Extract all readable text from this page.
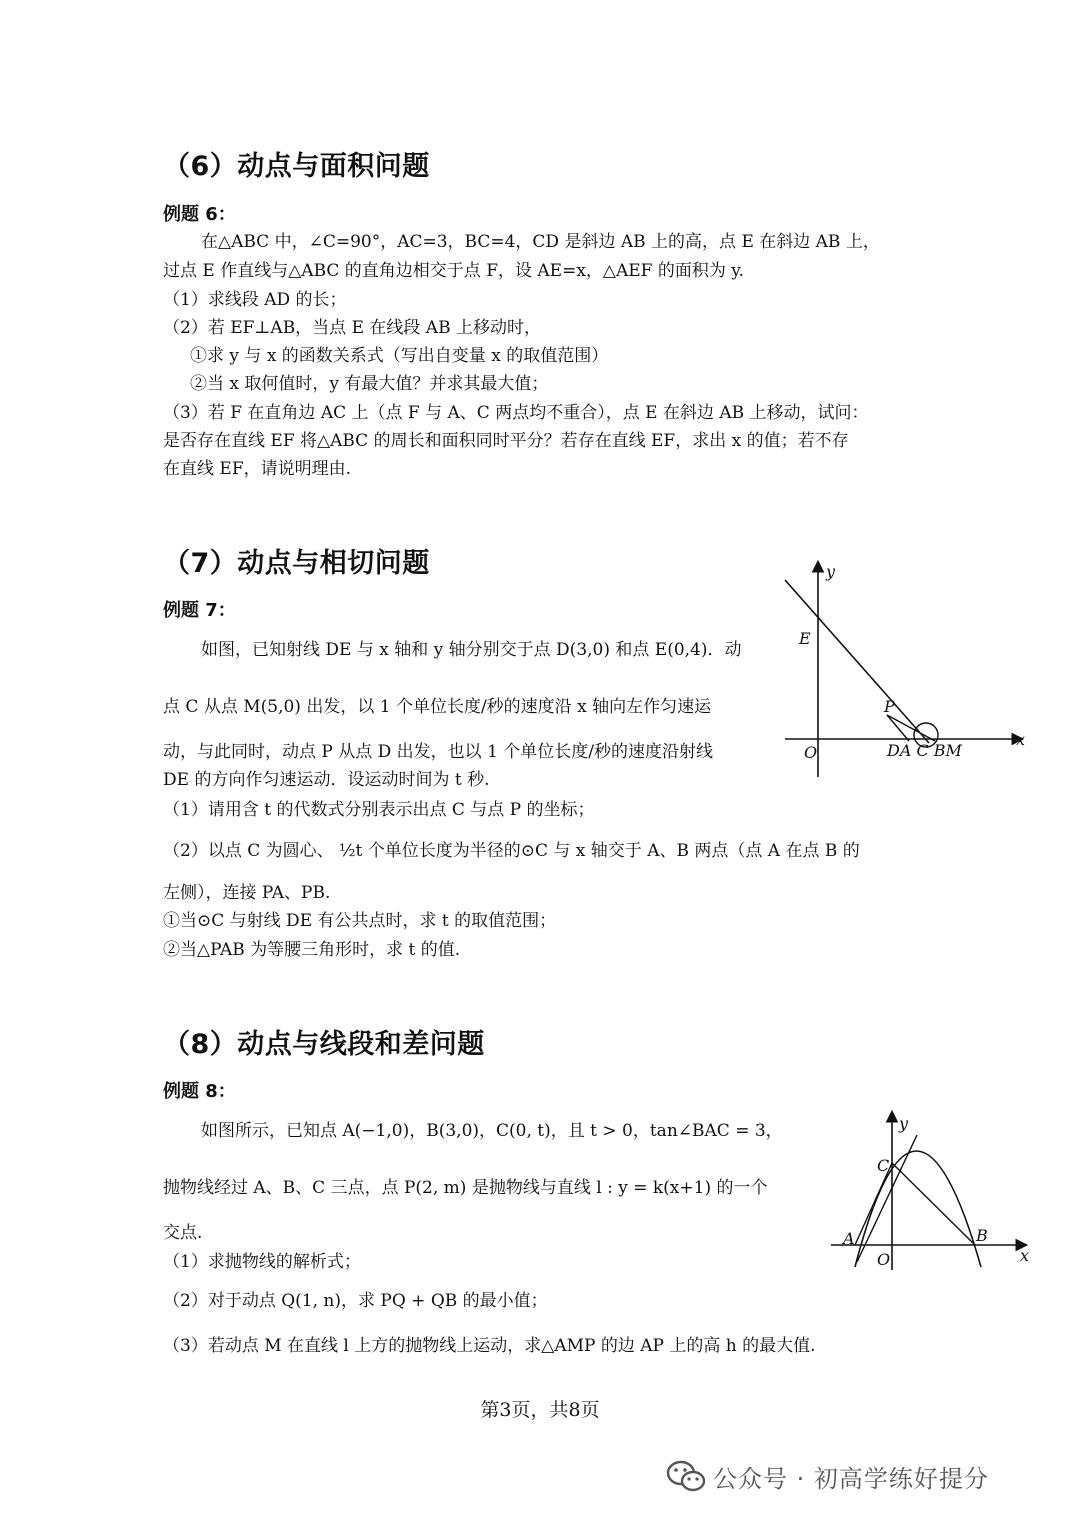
（6）动点与面积问题
例题 6：
在△ABC 中，∠C=90°，AC=3，BC=4，CD 是斜边 AB 上的高，点 E 在斜边 AB 上，
过点 E 作直线与△ABC 的直角边相交于点 F，设 AE=x，△AEF 的面积为 y.
（1）求线段 AD 的长；
（2）若 EF⊥AB，当点 E 在线段 AB 上移动时，
①求 y 与 x 的函数关系式（写出自变量 x 的取值范围）
②当 x 取何值时，y 有最大值？并求其最大值；
（3）若 F 在直角边 AC 上（点 F 与 A、C 两点均不重合），点 E 在斜边 AB 上移动，试问：
是否存在直线 EF 将△ABC 的周长和面积同时平分？若存在直线 EF，求出 x 的值；若不存
在直线 EF，请说明理由.
（7）动点与相切问题
例题 7：
如图，已知射线 DE 与 x 轴和 y 轴分别交于点 D(3,0) 和点 E(0,4)．动
点 C 从点 M(5,0) 出发，以 1 个单位长度/秒的速度沿 x 轴向左作匀速运
动，与此同时，动点 P 从点 D 出发，也以 1 个单位长度/秒的速度沿射线
DE 的方向作匀速运动．设运动时间为 t 秒.
（1）请用含 t 的代数式分别表示出点 C 与点 P 的坐标；
（2）以点 C 为圆心、 ½t 个单位长度为半径的⊙C 与 x 轴交于 A、B 两点（点 A 在点 B 的
左侧），连接 PA、PB.
①当⊙C 与射线 DE 有公共点时，求 t 的取值范围；
②当△PAB 为等腰三角形时，求 t 的值.
y
x
E
P
O	DA C BM
（8）动点与线段和差问题
例题 8：
如图所示，已知点 A(−1,0)，B(3,0)，C(0, t)，且 t > 0，tan∠BAC = 3，
抛物线经过 A、B、C 三点，点 P(2, m) 是抛物线与直线 l : y = k(x+1) 的一个
交点.
（1）求抛物线的解析式；
（2）对于动点 Q(1, n)，求 PQ + QB 的最小值；
（3）若动点 M 在直线 l 上方的抛物线上运动，求△AMP 的边 AP 上的高 h 的最大值.
y
x
C
A
O
B
第3页，共8页
公众号 · 初高学练好提分
